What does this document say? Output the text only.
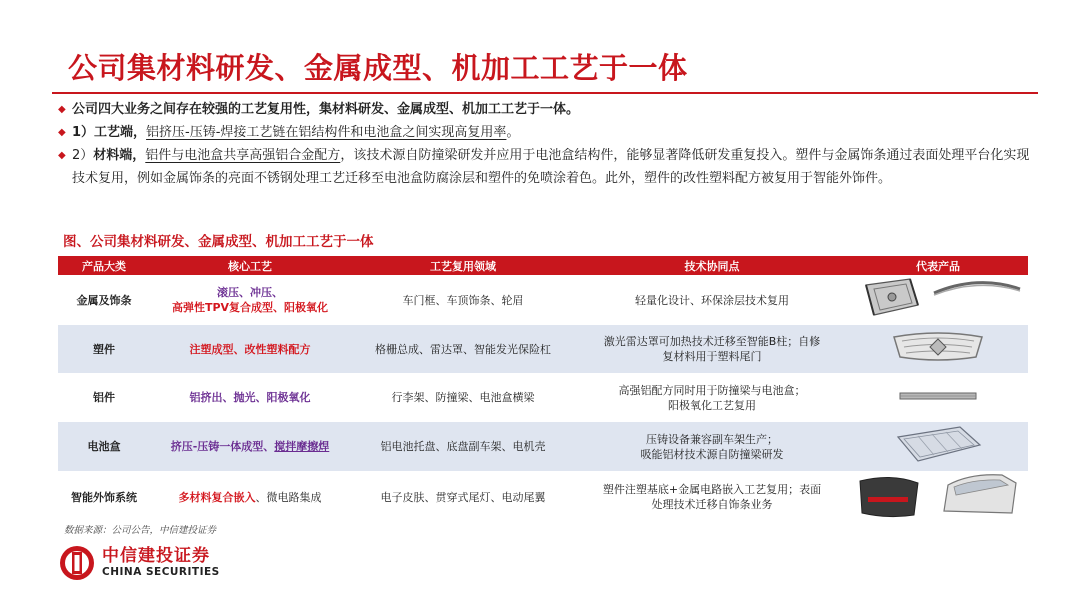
公司集材料研发、金属成型、机加工工艺于一体
◆ 公司四大业务之间存在较强的工艺复用性，集材料研发、金属成型、机加工工艺于一体。
◆ 1）工艺端，铝挤压-压铸-焊接工艺链在铝结构件和电池盒之间实现高复用率。
◆ 2）材料端，铝件与电池盒共享高强铝合金配方，该技术源自防撞梁研发并应用于电池盒结构件，能够显著降低研发重复投入。塑件与金属饰条通过表面处理平台化实现技术复用，例如金属饰条的亮面不锈钢处理工艺迁移至电池盒防腐涂层和塑件的免喷涂着色。此外，塑件的改性塑料配方被复用于智能外饰件。
图、公司集材料研发、金属成型、机加工工艺于一体
产品大类	核心工艺	工艺复用领域	技术协同点	代表产品
金属及饰条	滚压、冲压、
高弹性TPV复合成型、阳极氧化	车门框、车顶饰条、轮眉	轻量化设计、环保涂层技术复用	
塑件	注塑成型、改性塑料配方	格栅总成、雷达罩、智能发光保险杠	激光雷达罩可加热技术迁移至智能B柱；自修
复材料用于塑料尾门

铝件	铝挤出、抛光、阳极氧化	行李架、防撞梁、电池盒横梁	高强铝配方同时用于防撞梁与电池盒；
阳极氧化工艺复用

电池盒	挤压-压铸一体成型、搅拌摩擦焊	铝电池托盘、底盘副车架、电机壳	压铸设备兼容副车架生产；
吸能铝材技术源自防撞梁研发

智能外饰系统	多材料复合嵌入、微电路集成	电子皮肤、贯穿式尾灯、电动尾翼	塑件注塑基底+金属电路嵌入工艺复用；表面
处理技术迁移自饰条业务

数据来源：公司公告，中信建投证券
中信建投证券
CHINA SECURITIES
